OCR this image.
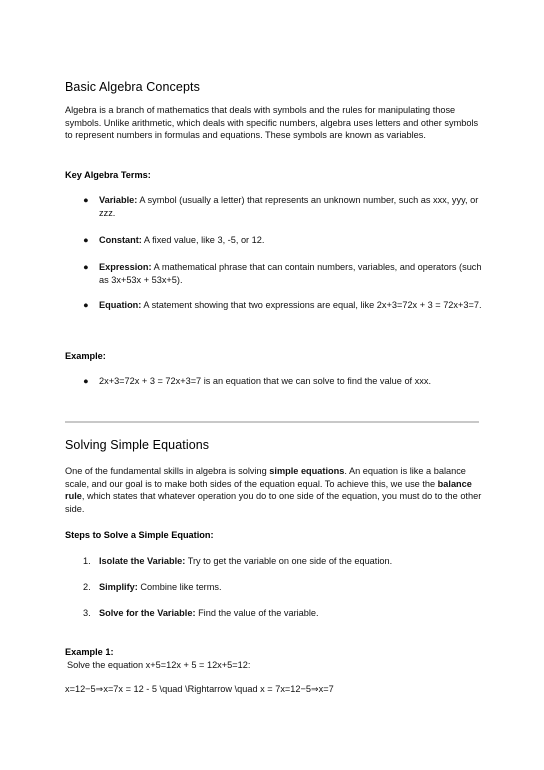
Basic Algebra Concepts

Algebra is a branch of mathematics that deals with symbols and the rules for manipulating those symbols. Unlike arithmetic, which deals with specific numbers, algebra uses letters and other symbols to represent numbers in formulas and equations. These symbols are known as variables.

Key Algebra Terms:
● Variable: A symbol (usually a letter) that represents an unknown number, such as xxx, yyy, or zzz.
● Constant: A fixed value, like 3, -5, or 12.
● Expression: A mathematical phrase that can contain numbers, variables, and operators (such as 3x+53x + 53x+5).
● Equation: A statement showing that two expressions are equal, like 2x+3=72x + 3 = 72x+3=7.
Example:
● 2x+3=72x + 3 = 72x+3=7 is an equation that we can solve to find the value of xxx.
Solving Simple Equations

One of the fundamental skills in algebra is solving simple equations. An equation is like a balance scale, and our goal is to make both sides of the equation equal. To achieve this, we use the balance rule, which states that whatever operation you do to one side of the equation, you must do to the other side.

Steps to Solve a Simple Equation:
1. Isolate the Variable: Try to get the variable on one side of the equation.
2. Simplify: Combine like terms.
3. Solve for the Variable: Find the value of the variable.
Example 1:
Solve the equation x+5=12x + 5 = 12x+5=12:
x=12−5⇒x=7x = 12 - 5 \quad \Rightarrow \quad x = 7x=12−5⇒x=7
